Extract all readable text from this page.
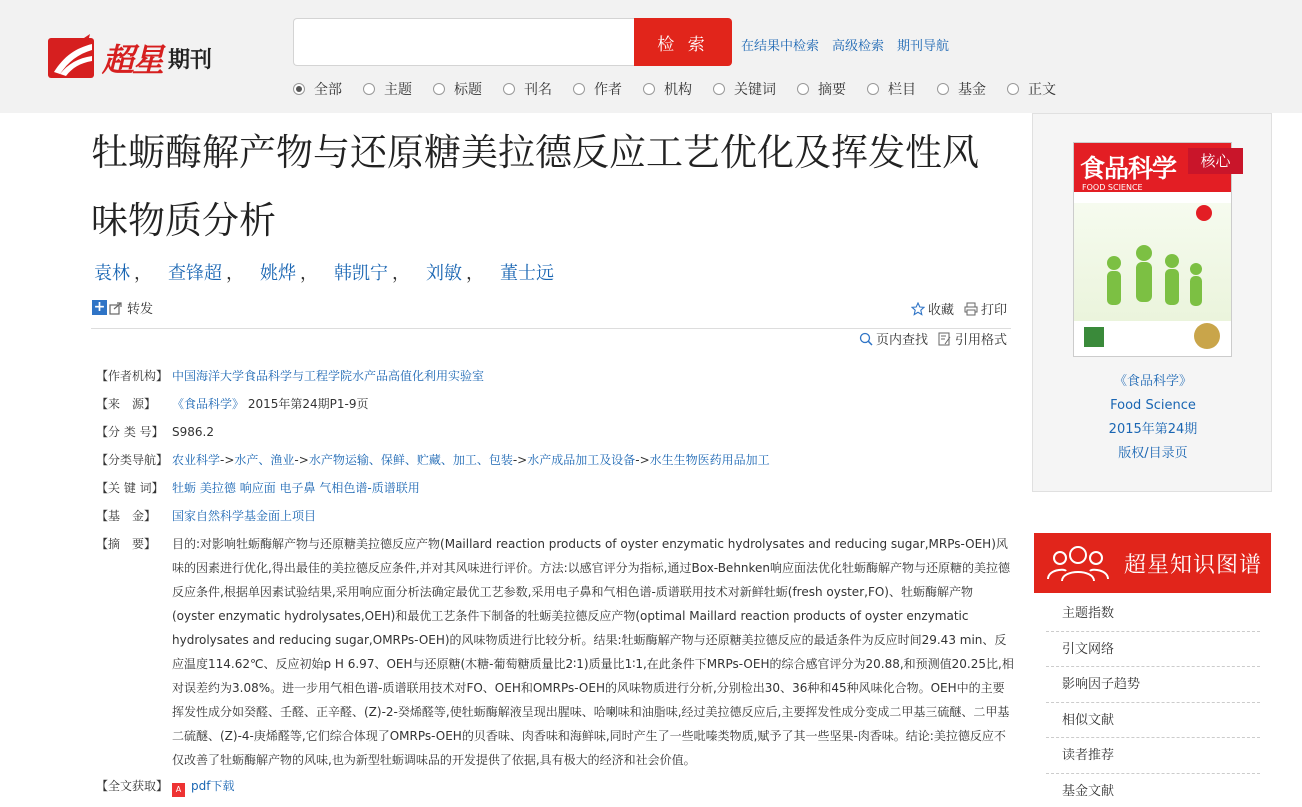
超星 期刊
检 索	在结果中检索 高级检索 期刊导航
全部	主题	标题	刊名	作者	机构	关键词	摘要	栏目	基金	正文
牡蛎酶解产物与还原糖美拉德反应工艺优化及挥发性风味物质分析
袁林 ， 查锋超 ， 姚烨 ， 韩凯宁 ， 刘敏 ， 董士远
+ 转发	收藏 打印
页内查找 引用格式
【作者机构】 中国海洋大学食品科学与工程学院水产品高值化利用实验室
【来　源】	《食品科学》 2015年第24期P1-9页
【分 类 号】 S986.2
【分类导航】 农业科学->水产、渔业->水产物运输、保鲜、贮藏、加工、包装->水产成品加工及设备->水生生物医药用品加工
【关 键 词】 牡蛎 美拉德 响应面 电子鼻 气相色谱-质谱联用
【基　金】	国家自然科学基金面上项目
【摘　要】	目的:对影响牡蛎酶解产物与还原糖美拉德反应产物(Maillard reaction products of oyster enzymatic hydrolysates and reducing sugar,MRPs-OEH)风味的因素进行优化,得出最佳的美拉德反应条件,并对其风味进行评价。方法:以感官评分为指标,通过Box-Behnken响应面法优化牡蛎酶解产物与还原糖的美拉德反应条件,根据单因素试验结果,采用响应面分析法确定最优工艺参数,采用电子鼻和气相色谱-质谱联用技术对新鲜牡蛎(fresh oyster,FO)、牡蛎酶解产物(oyster enzymatic hydrolysates,OEH)和最优工艺条件下制备的牡蛎美拉德反应产物(optimal Maillard reaction products of oyster enzymatic hydrolysates and reducing sugar,OMRPs-OEH)的风味物质进行比较分析。结果:牡蛎酶解产物与还原糖美拉德反应的最适条件为反应时间29.43 min、反应温度114.62℃、反应初始p H 6.97、OEH与还原糖(木糖-葡萄糖质量比2∶1)质量比1∶1,在此条件下MRPs-OEH的综合感官评分为20.88,和预测值20.25比,相对误差约为3.08%。进一步用气相色谱-质谱联用技术对FO、OEH和OMRPs-OEH的风味物质进行分析,分别检出30、36种和45种风味化合物。OEH中的主要挥发性成分如癸醛、壬醛、正辛醛、(Z)-2-癸烯醛等,使牡蛎酶解液呈现出腥味、哈喇味和油脂味,经过美拉德反应后,主要挥发性成分变成二甲基三硫醚、二甲基二硫醚、(Z)-4-庚烯醛等,它们综合体现了OMRPs-OEH的贝香味、肉香味和海鲜味,同时产生了一些吡嗪类物质,赋予了其一些坚果-肉香味。结论:美拉德反应不仅改善了牡蛎酶解产物的风味,也为新型牡蛎调味品的开发提供了依据,具有极大的经济和社会价值。
【全文获取】 A pdf下载
食品科学
FOOD SCIENCE
核心
《食品科学》
Food Science
2015年第24期
版权/目录页
超星知识图谱
主题指数
引文网络
影响因子趋势
相似文献
读者推荐
基金文献
